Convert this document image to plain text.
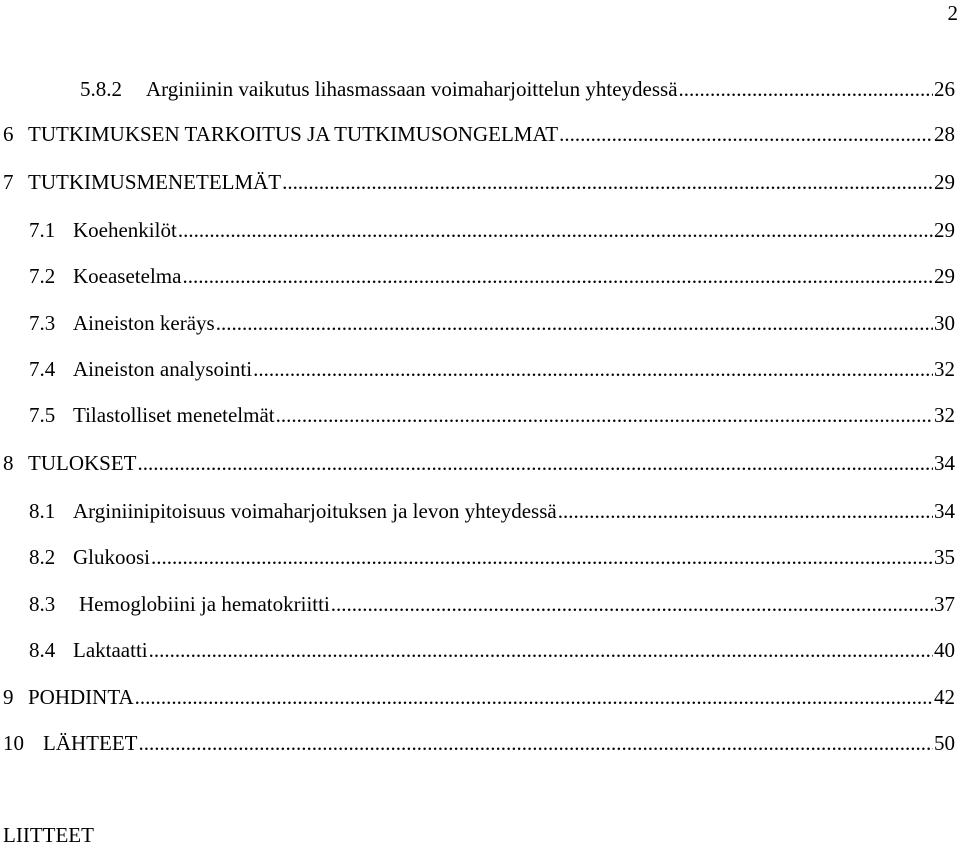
2
5.8.2	Arginiinin vaikutus lihasmassaan voimaharjoittelun yhteydessä .....	26
6 TUTKIMUKSEN TARKOITUS JA TUTKIMUSONGELMAT .....	28
7 TUTKIMUSMENETELMÄT .....	29
7.1 Koehenkilöt .....	29
7.2 Koeasetelma .....	29
7.3 Aineiston keräys .....	30
7.4 Aineiston analysointi .....	32
7.5 Tilastolliset menetelmät .....	32
8 TULOKSET .....	34
8.1 Arginiinipitoisuus voimaharjoituksen ja levon yhteydessä .....	34
8.2 Glukoosi .....	35
8.3	Hemoglobiini ja hematokriitti .....	37
8.4 Laktaatti .....	40
9 POHDINTA .....	42
10 LÄHTEET .....	50
LIITTEET
